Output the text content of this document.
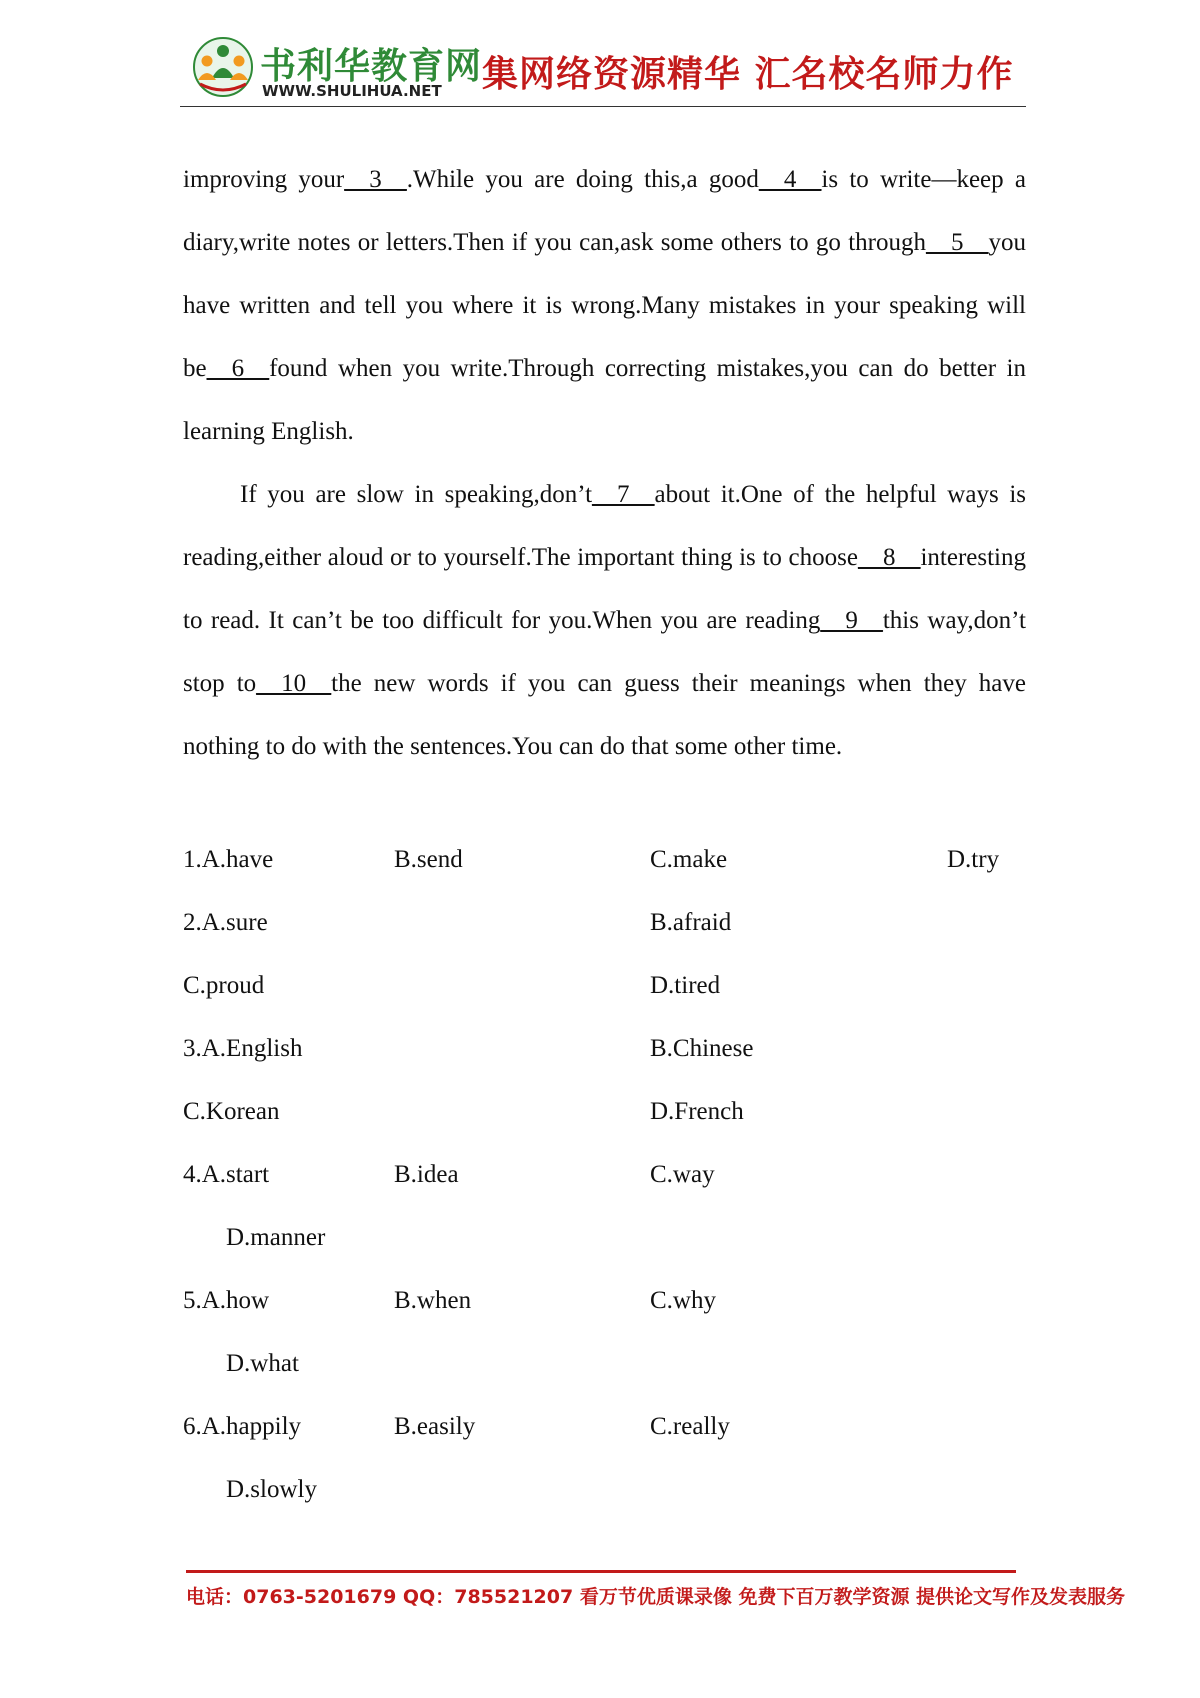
书利华教育网
WWW.SHULIHUA.NET 集网络资源精华 汇名校名师力作

improving your__3__.While you are doing this,a good__4__is to write—keep a diary,write notes or letters.Then if you can,ask some others to go through__5__you have written and tell you where it is wrong.Many mistakes in your speaking will be__6__found when you write.Through correcting mistakes,you can do better in learning English.

If you are slow in speaking,don’t__7__about it.One of the helpful ways is reading,either aloud or to yourself.The important thing is to choose__8__interesting to read. It can’t be too difficult for you.When you are reading__9__this way,don’t stop to__10__the new words if you can guess their meanings when they have nothing to do with the sentences.You can do that some other time.

1.A.have	B.send	C.make	D.try
2.A.sure	B.afraid
C.proud	D.tired
3.A.English	B.Chinese
C.Korean	D.French
4.A.start	B.idea	C.way
D.manner
5.A.how	B.when	C.why
D.what
6.A.happily	B.easily	C.really
D.slowly
电话：0763-5201679 QQ：785521207 看万节优质课录像 免费下百万教学资源 提供论文写作及发表服务
